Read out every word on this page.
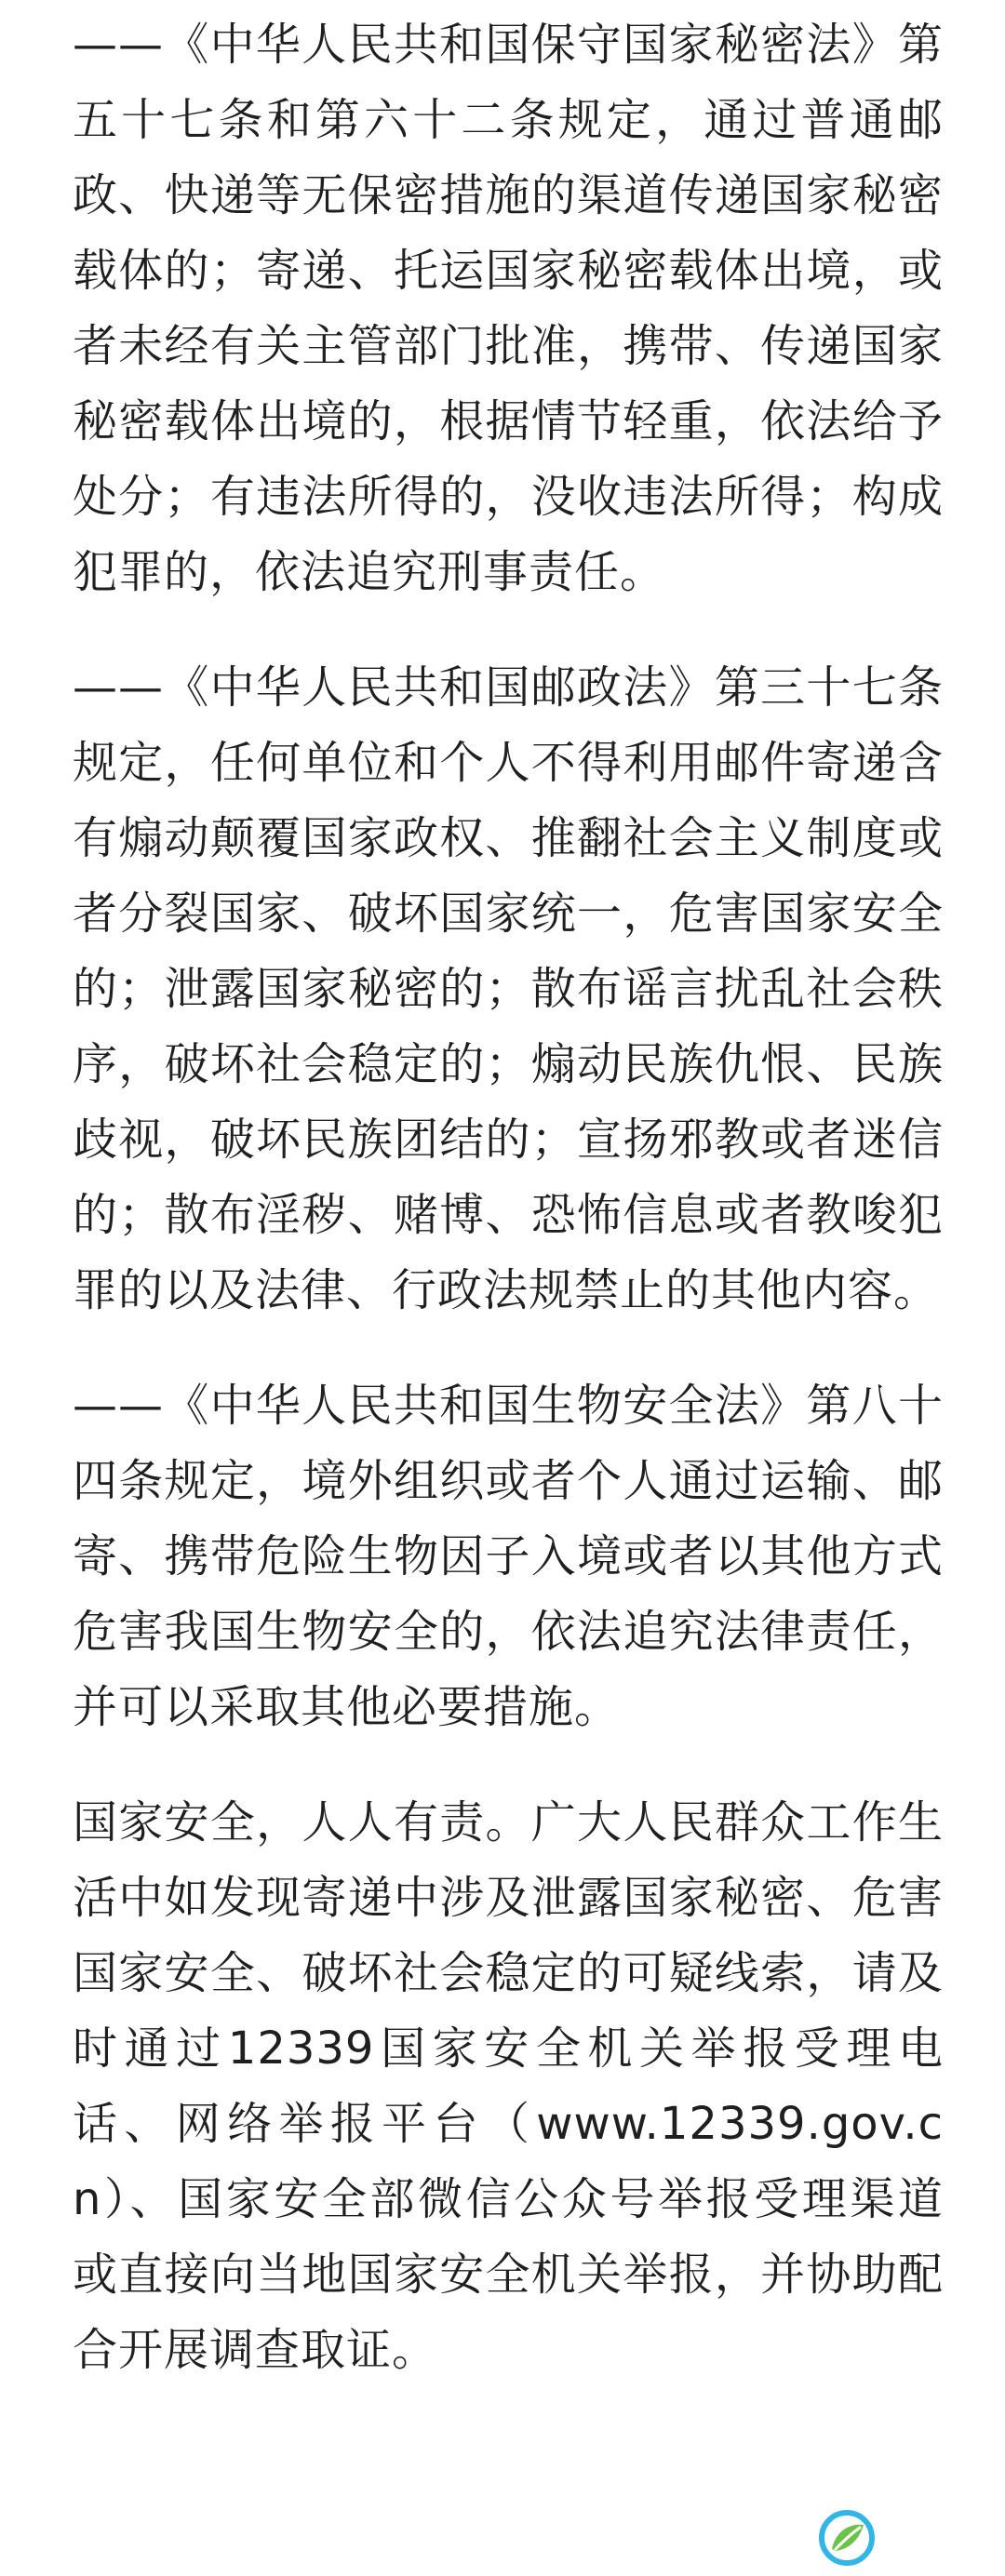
——《中华人民共和国保守国家秘密法》第五十七条和第六十二条规定，通过普通邮政、快递等无保密措施的渠道传递国家秘密载体的；寄递、托运国家秘密载体出境，或者未经有关主管部门批准，携带、传递国家秘密载体出境的，根据情节轻重，依法给予处分；有违法所得的，没收违法所得；构成犯罪的，依法追究刑事责任。

——《中华人民共和国邮政法》第三十七条规定，任何单位和个人不得利用邮件寄递含有煽动颠覆国家政权、推翻社会主义制度或者分裂国家、破坏国家统一，危害国家安全的；泄露国家秘密的；散布谣言扰乱社会秩序，破坏社会稳定的；煽动民族仇恨、民族歧视，破坏民族团结的；宣扬邪教或者迷信的；散布淫秽、赌博、恐怖信息或者教唆犯罪的以及法律、行政法规禁止的其他内容。

——《中华人民共和国生物安全法》第八十四条规定，境外组织或者个人通过运输、邮寄、携带危险生物因子入境或者以其他方式危害我国生物安全的，依法追究法律责任，并可以采取其他必要措施。

国家安全，人人有责。广大人民群众工作生活中如发现寄递中涉及泄露国家秘密、危害国家安全、破坏社会稳定的可疑线索，请及时通过12339国家安全机关举报受理电话、网络举报平台（www.12339.gov.cn）、国家安全部微信公众号举报受理渠道或直接向当地国家安全机关举报，并协助配合开展调查取证。
